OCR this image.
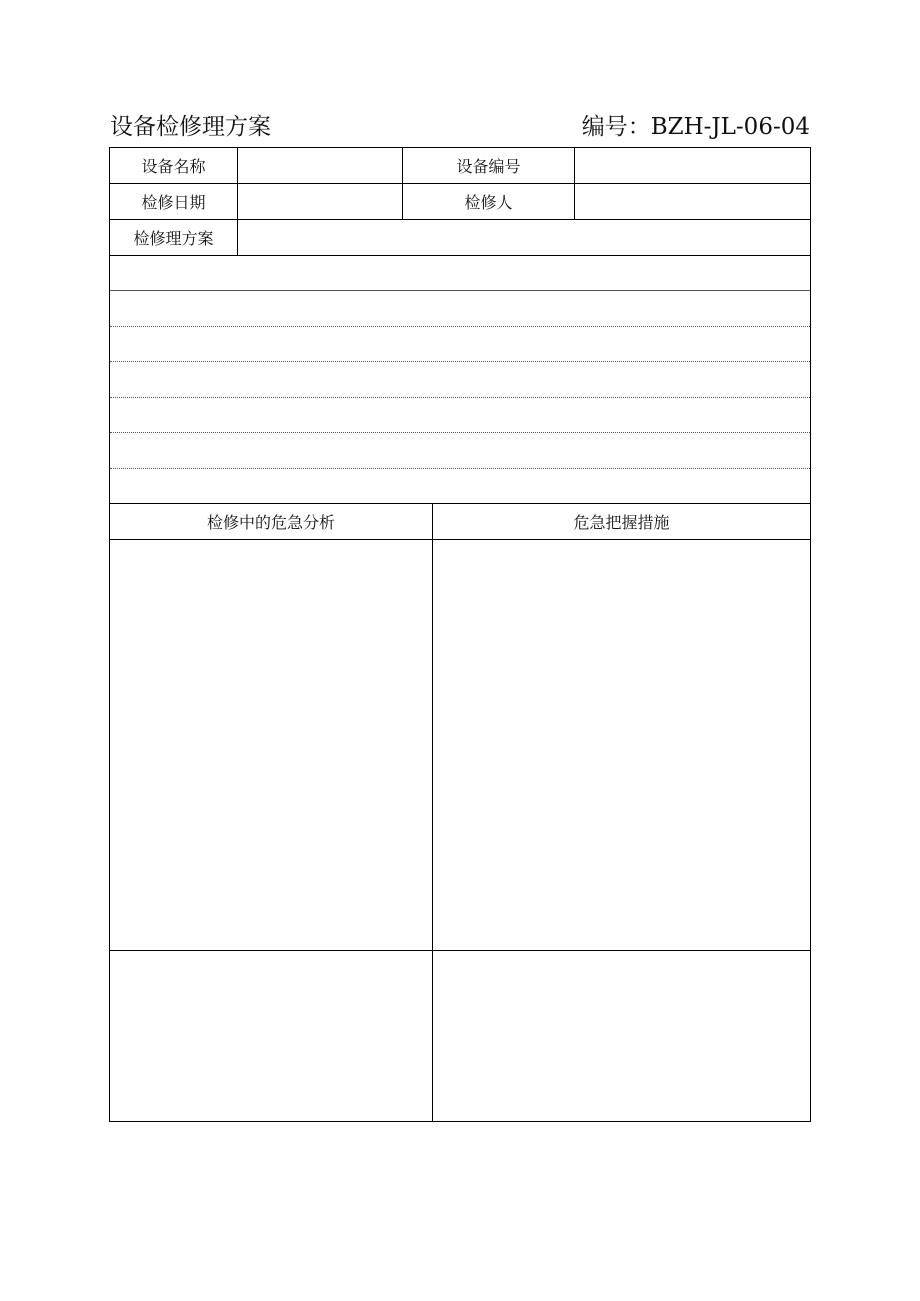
设备检修理方案	编号：BZH-JL-06-04
设备名称	设备编号
检修日期	检修人
检修理方案
检修中的危急分析	危急把握措施
